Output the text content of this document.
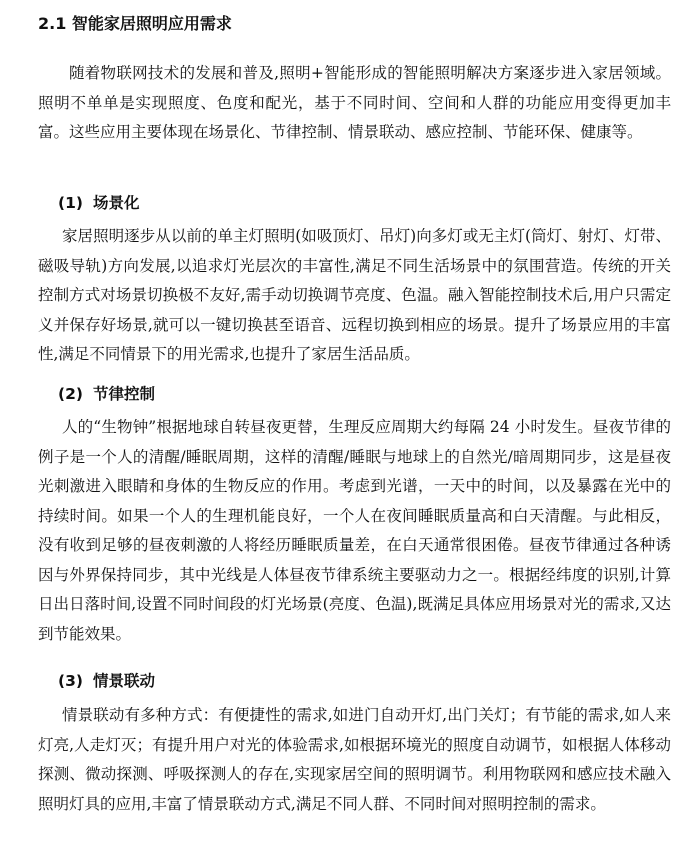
2.1 智能家居照明应用需求

随着物联网技术的发展和普及,照明+智能形成的智能照明解决方案逐步进入家居领域。照明不单单是实现照度、色度和配光，基于不同时间、空间和人群的功能应用变得更加丰富。这些应用主要体现在场景化、节律控制、情景联动、感应控制、节能环保、健康等。

(1) 场景化

家居照明逐步从以前的单主灯照明(如吸顶灯、吊灯)向多灯或无主灯(筒灯、射灯、灯带、磁吸导轨)方向发展,以追求灯光层次的丰富性,满足不同生活场景中的氛围营造。传统的开关控制方式对场景切换极不友好,需手动切换调节亮度、色温。融入智能控制技术后,用户只需定义并保存好场景,就可以一键切换甚至语音、远程切换到相应的场景。提升了场景应用的丰富性,满足不同情景下的用光需求,也提升了家居生活品质。

(2) 节律控制

人的“生物钟”根据地球自转昼夜更替，生理反应周期大约每隔 24 小时发生。昼夜节律的例子是一个人的清醒/睡眠周期，这样的清醒/睡眠与地球上的自然光/暗周期同步，这是昼夜光刺激进入眼睛和身体的生物反应的作用。考虑到光谱，一天中的时间，以及暴露在光中的持续时间。如果一个人的生理机能良好，一个人在夜间睡眠质量高和白天清醒。与此相反，没有收到足够的昼夜刺激的人将经历睡眠质量差，在白天通常很困倦。昼夜节律通过各种诱因与外界保持同步，其中光线是人体昼夜节律系统主要驱动力之一。根据经纬度的识别,计算日出日落时间,设置不同时间段的灯光场景(亮度、色温),既满足具体应用场景对光的需求,又达到节能效果。

(3) 情景联动

情景联动有多种方式：有便捷性的需求,如进门自动开灯,出门关灯；有节能的需求,如人来灯亮,人走灯灭；有提升用户对光的体验需求,如根据环境光的照度自动调节，如根据人体移动探测、微动探测、呼吸探测人的存在,实现家居空间的照明调节。利用物联网和感应技术融入照明灯具的应用,丰富了情景联动方式,满足不同人群、不同时间对照明控制的需求。
